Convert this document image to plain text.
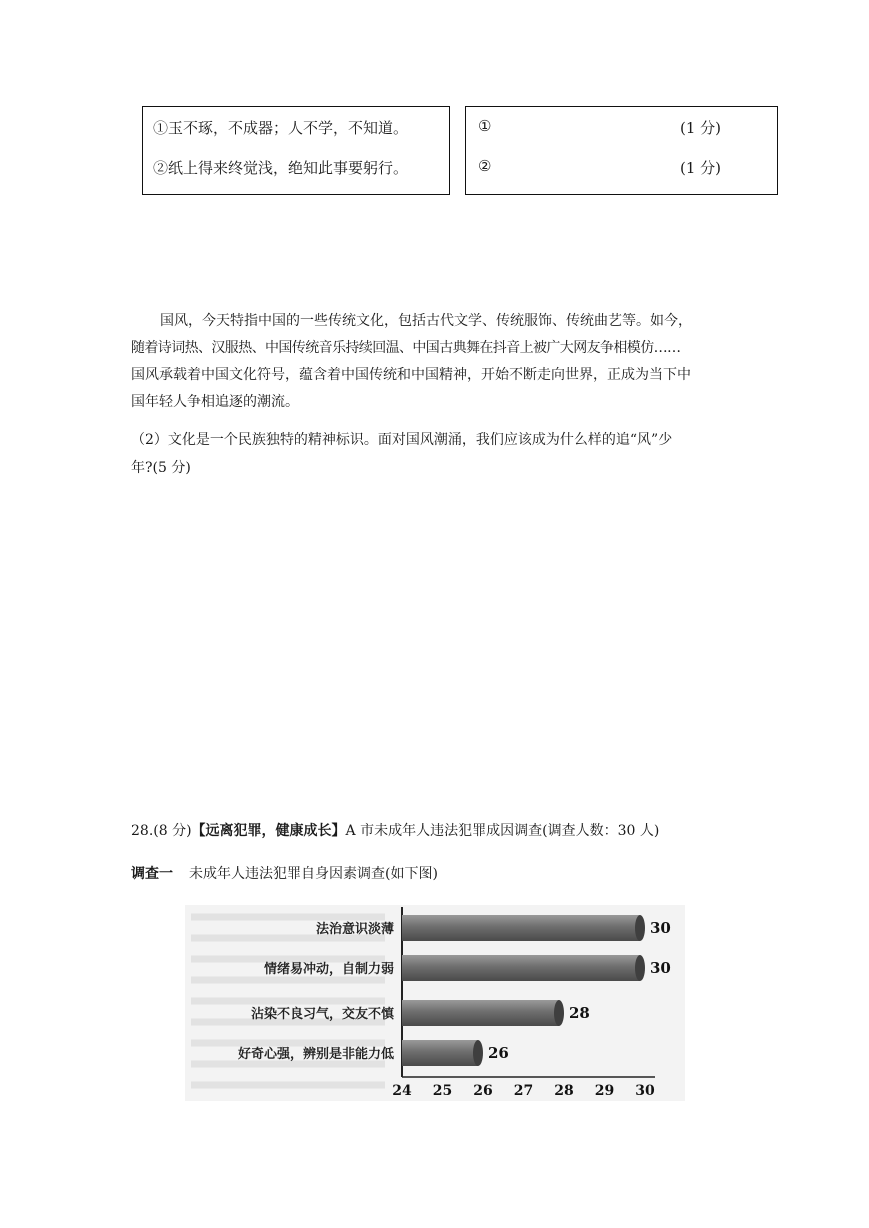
①玉不琢，不成器；人不学，不知道。
②纸上得来终觉浅，绝知此事要躬行。
①	(1 分)
②	(1 分)
国风，今天特指中国的一些传统文化，包括古代文学、传统服饰、传统曲艺等。如今，
随着诗词热、汉服热、中国传统音乐持续回温、中国古典舞在抖音上被广大网友争相模仿……
国风承载着中国文化符号，蕴含着中国传统和中国精神，开始不断走向世界，正成为当下中
国年轻人争相追逐的潮流。
（2）文化是一个民族独特的精神标识。面对国风潮涌，我们应该成为什么样的追“风”少
年?(5 分)
28.(8 分)【远离犯罪，健康成长】A 市未成年人违法犯罪成因调查(调查人数：30 人)
调查一 未成年人违法犯罪自身因素调查(如下图)
30
法治意识淡薄
30
情绪易冲动，自制力弱
28
沾染不良习气，交友不慎
26
好奇心强，辨别是非能力低
24 25 26 27 28 29 30
